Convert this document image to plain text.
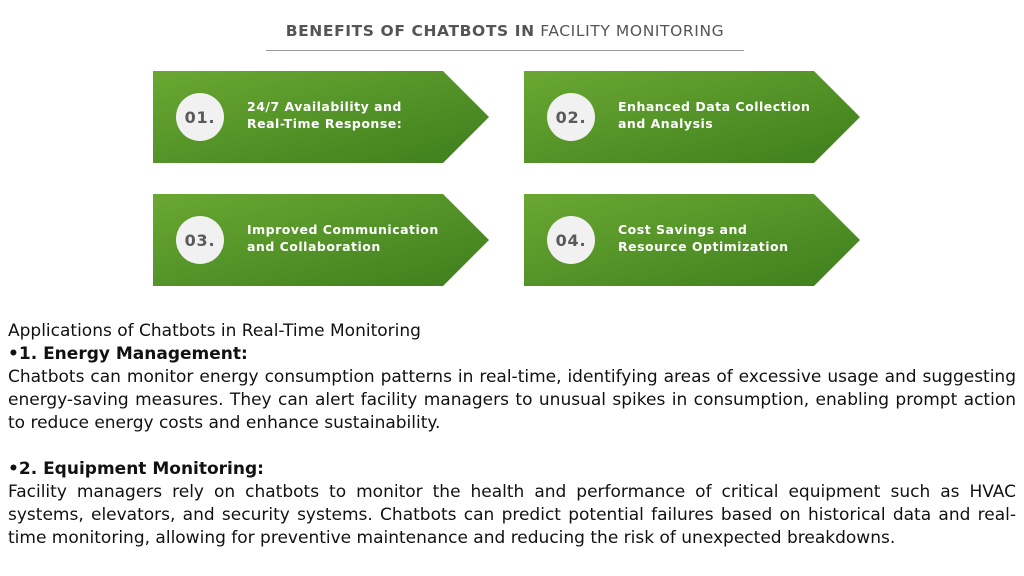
BENEFITS OF CHATBOTS IN FACILITY MONITORING
01.
24/7 Availability and
Real-Time Response:	02.
Enhanced Data Collection
and Analysis
03.
Improved Communication
and Collaboration	04.
Cost Savings and
Resource Optimization

Applications of Chatbots in Real-Time Monitoring

•1. Energy Management:

Chatbots can monitor energy consumption patterns in real-time, identifying areas of excessive usage and suggesting energy-saving measures. They can alert facility managers to unusual spikes in consumption, enabling prompt action to reduce energy costs and enhance sustainability.

•2. Equipment Monitoring:

Facility managers rely on chatbots to monitor the health and performance of critical equipment such as HVAC systems, elevators, and security systems. Chatbots can predict potential failures based on historical data and real-time monitoring, allowing for preventive maintenance and reducing the risk of unexpected breakdowns.
